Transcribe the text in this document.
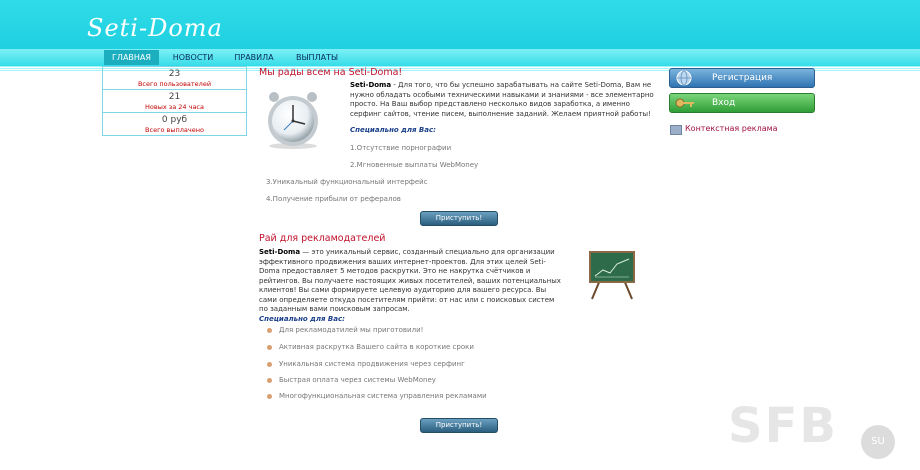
Seti-Doma
ГЛАВНАЯ	НОВОСТИ	ПРАВИЛА	ВЫПЛАТЫ
23
Всего пользователей
21
Новых за 24 часа
0 руб
Всего выплачено
Мы рады всем на Seti-Doma!
Seti-Doma - Для того, что бы успешно зарабатывать на сайте Seti-Doma, Вам не нужно обладать особыми техническими навыками и знаниями - все элементарно просто. На Ваш выбор представлено несколько видов заработка, а именно серфинг сайтов, чтение писем, выполнение заданий. Желаем приятной работы!
Специально для Вас:
1.Отсутствие порнографии
2.Мгновенные выплаты WebMoney
3.Уникальный функциональный интерфейс
4.Получение прибыли от рефералов
Приступить!
Рай для рекламодателей
Seti-Doma — это уникальный сервис, созданный специально для организации эффективного продвижения ваших интернет-проектов. Для этих целей Seti-Doma предоставляет 5 методов раскрутки. Это не накрутка счётчиков и рейтингов. Вы получаете настоящих живых посетителей, ваших потенциальных клиентов! Вы сами формируете целевую аудиторию для вашего ресурса. Вы сами определяете откуда посетителям прийти: от нас или с поисковых систем по заданным вами поисковым запросам.
Специально для Вас:
Для рекламодатилей мы приготовили!
Активная раскрутка Вашего сайта в короткие сроки
Уникальная система продвижения через серфинг
Быстрая оплата через системы WebMoney
Многофункциональная система управления рекламами
Приступить!
Регистрация
Вход
Контекстная реклама
SFB	SU
